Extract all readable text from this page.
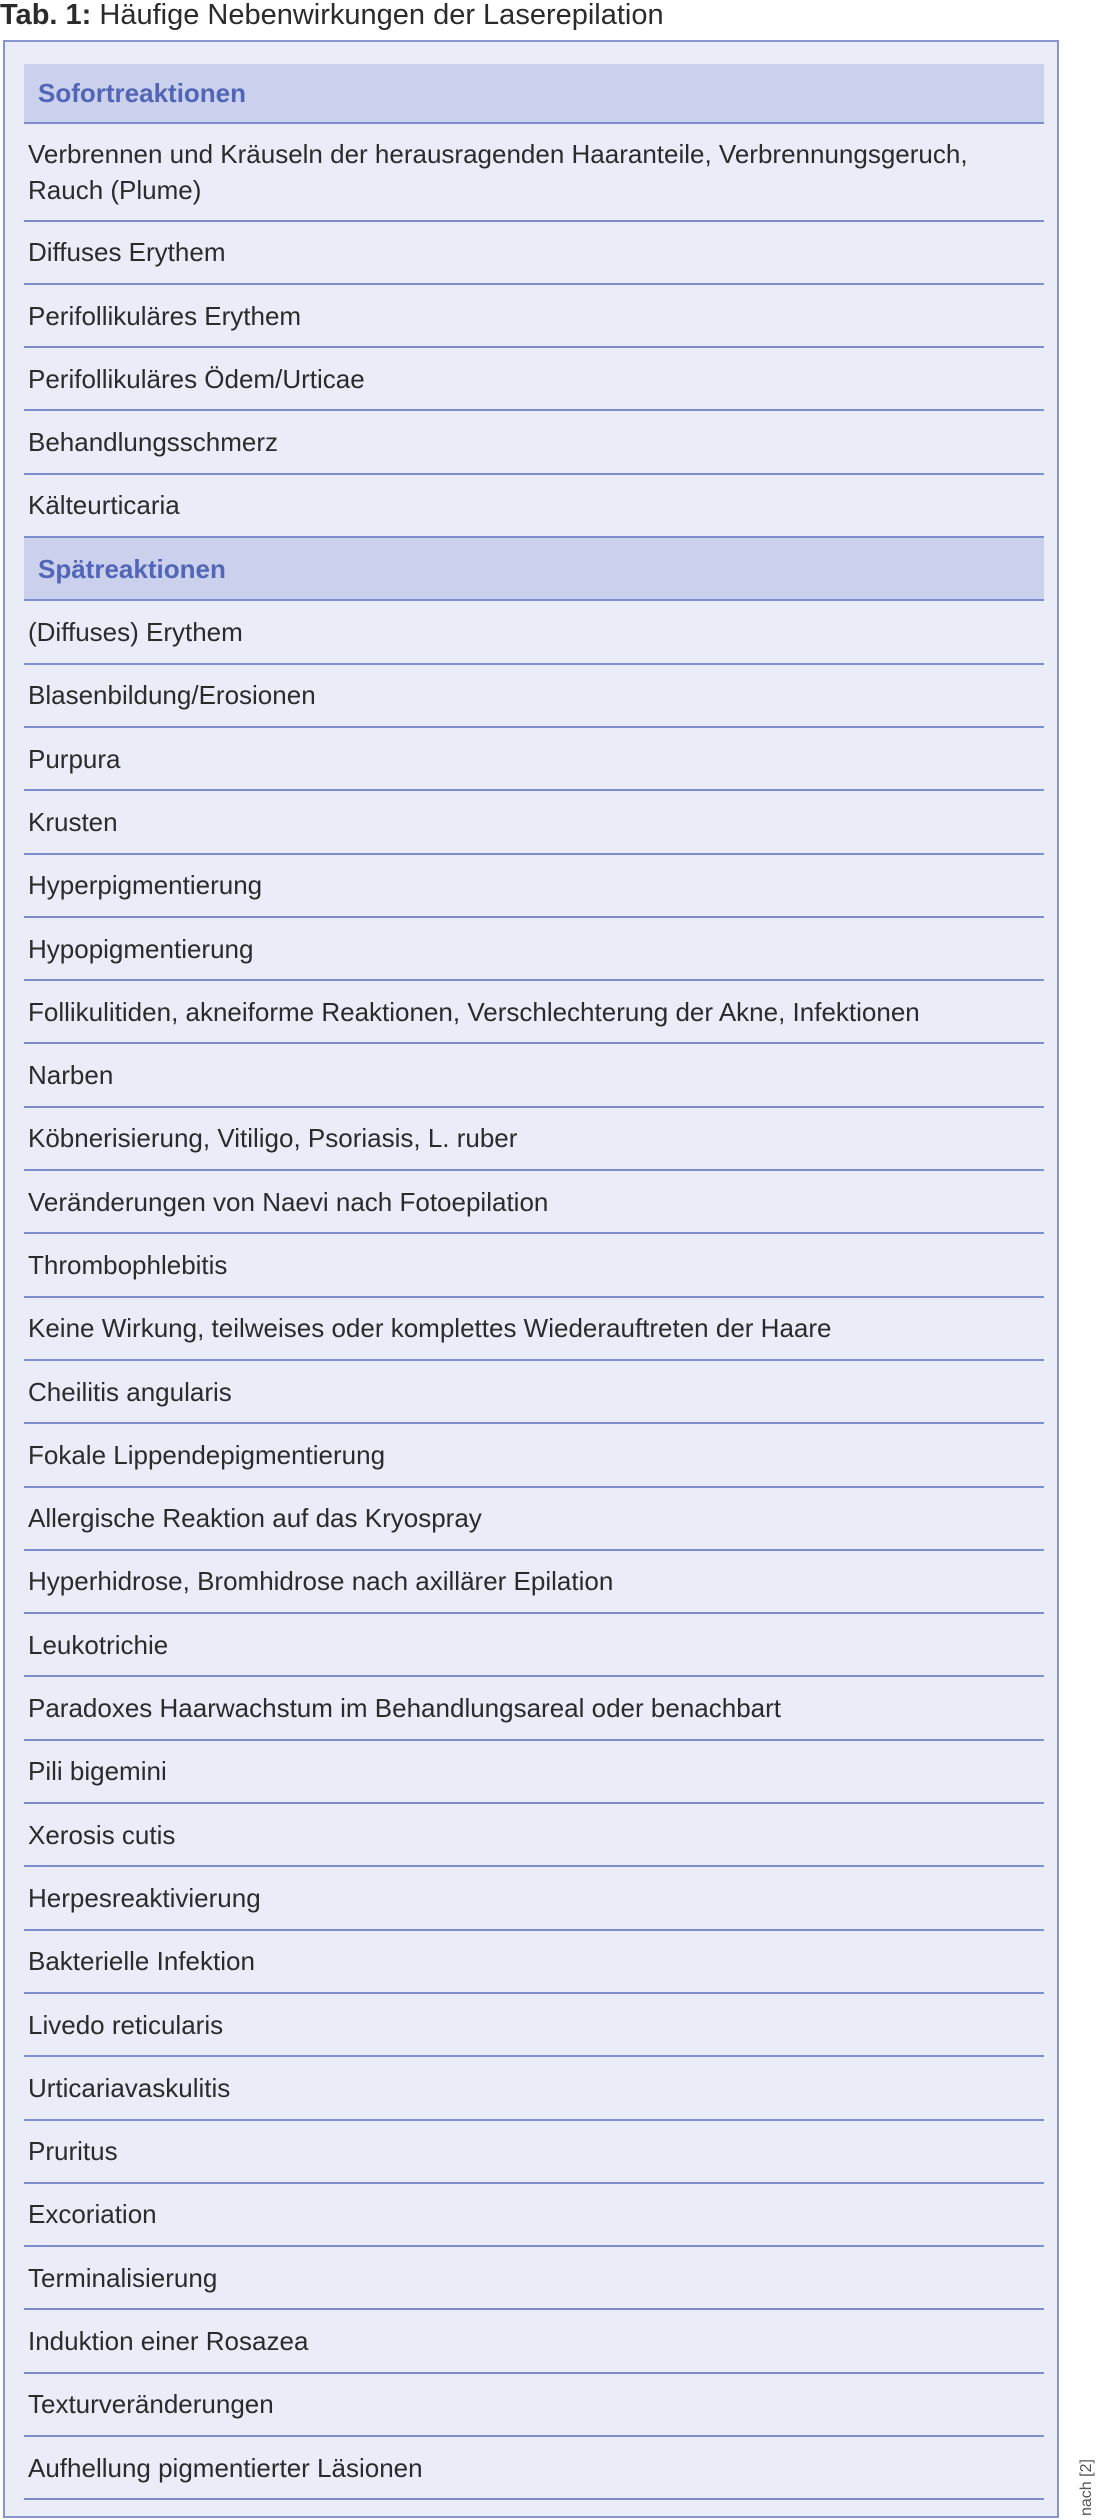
Tab. 1: Häufige Nebenwirkungen der Laserepilation
Sofortreaktionen
Verbrennen und Kräuseln der herausragenden Haaranteile, Verbrennungsgeruch, Rauch (Plume)
Diffuses Erythem
Perifollikuläres Erythem
Perifollikuläres Ödem/Urticae
Behandlungsschmerz
Kälteurticaria
Spätreaktionen
(Diffuses) Erythem
Blasenbildung/Erosionen
Purpura
Krusten
Hyperpigmentierung
Hypopigmentierung
Follikulitiden, akneiforme Reaktionen, Verschlechterung der Akne, Infektionen
Narben
Köbnerisierung, Vitiligo, Psoriasis, L. ruber
Veränderungen von Naevi nach Fotoepilation
Thrombophlebitis
Keine Wirkung, teilweises oder komplettes Wiederauftreten der Haare
Cheilitis angularis
Fokale Lippendepigmentierung
Allergische Reaktion auf das Kryospray
Hyperhidrose, Bromhidrose nach axillärer Epilation
Leukotrichie
Paradoxes Haarwachstum im Behandlungsareal oder benachbart
Pili bigemini
Xerosis cutis
Herpesreaktivierung
Bakterielle Infektion
Livedo reticularis
Urticariavaskulitis
Pruritus
Excoriation
Terminalisierung
Induktion einer Rosazea
Texturveränderungen
Aufhellung pigmentierter Läsionen	nach [2]
